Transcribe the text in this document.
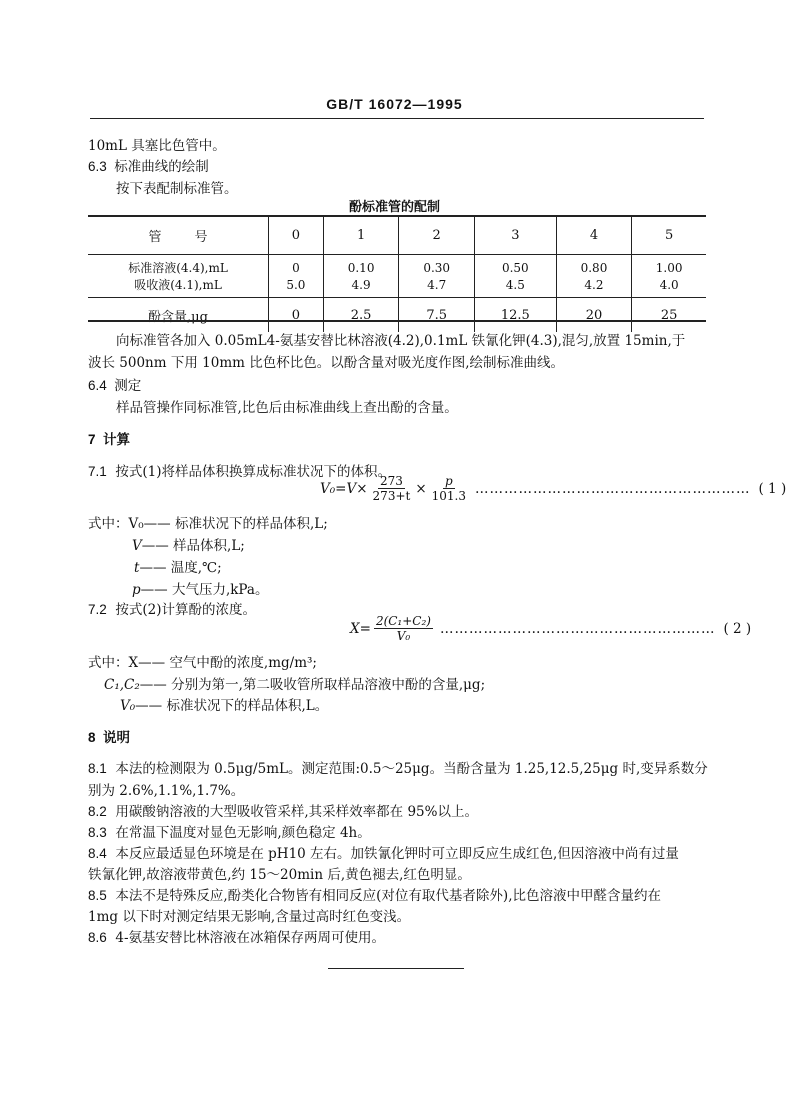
GB/T 16072—1995
10mL 具塞比色管中。
6.3 标准曲线的绘制
按下表配制标准管。
酚标准管的配制
管        号	0	1	2	3	4	5
标准溶液(4.4),mL	0	0.10	0.30	0.50	0.80	1.00
吸收液(4.1),mL	5.0	4.9	4.7	4.5	4.2	4.0
酚含量,μg	0	2.5	7.5	12.5	20	25
向标准管各加入 0.05mL4-氨基安替比林溶液(4.2),0.1mL 铁氰化钾(4.3),混匀,放置 15min,于
波长 500nm 下用 10mm 比色杯比色。以酚含量对吸光度作图,绘制标准曲线。
6.4 测定
样品管操作同标准管,比色后由标准曲线上查出酚的含量。
7 计算
7.1 按式(1)将样品体积换算成标准状况下的体积。
$V_0=V\times \frac{273}{273+t} \times \frac{p}{101.3}$ ………………………………………………… ( 1 )
式中：V₀—— 标准状况下的样品体积,L;
V—— 样品体积,L;
t—— 温度,℃;
p—— 大气压力,kPa。
7.2 按式(2)计算酚的浓度。
$X= \frac{\text{2(C₁+C₂)}}{\text{V₀}}$ ………………………………………………… ( 2 )
式中：X—— 空气中酚的浓度,mg/m³;
C₁,C₂—— 分别为第一,第二吸收管所取样品溶液中酚的含量,μg;
V₀—— 标准状况下的样品体积,L。
8 说明
8.1 本法的检测限为 0.5μg/5mL。测定范围:0.5～25μg。当酚含量为 1.25,12.5,25μg 时,变异系数分
别为 2.6%,1.1%,1.7%。
8.2 用碳酸钠溶液的大型吸收管采样,其采样效率都在 95%以上。
8.3 在常温下温度对显色无影响,颜色稳定 4h。
8.4 本反应最适显色环境是在 pH10 左右。加铁氰化钾时可立即反应生成红色,但因溶液中尚有过量
铁氰化钾,故溶液带黄色,约 15～20min 后,黄色褪去,红色明显。
8.5 本法不是特殊反应,酚类化合物皆有相同反应(对位有取代基者除外),比色溶液中甲醛含量约在
1mg 以下时对测定结果无影响,含量过高时红色变浅。
8.6 4-氨基安替比林溶液在冰箱保存两周可使用。
